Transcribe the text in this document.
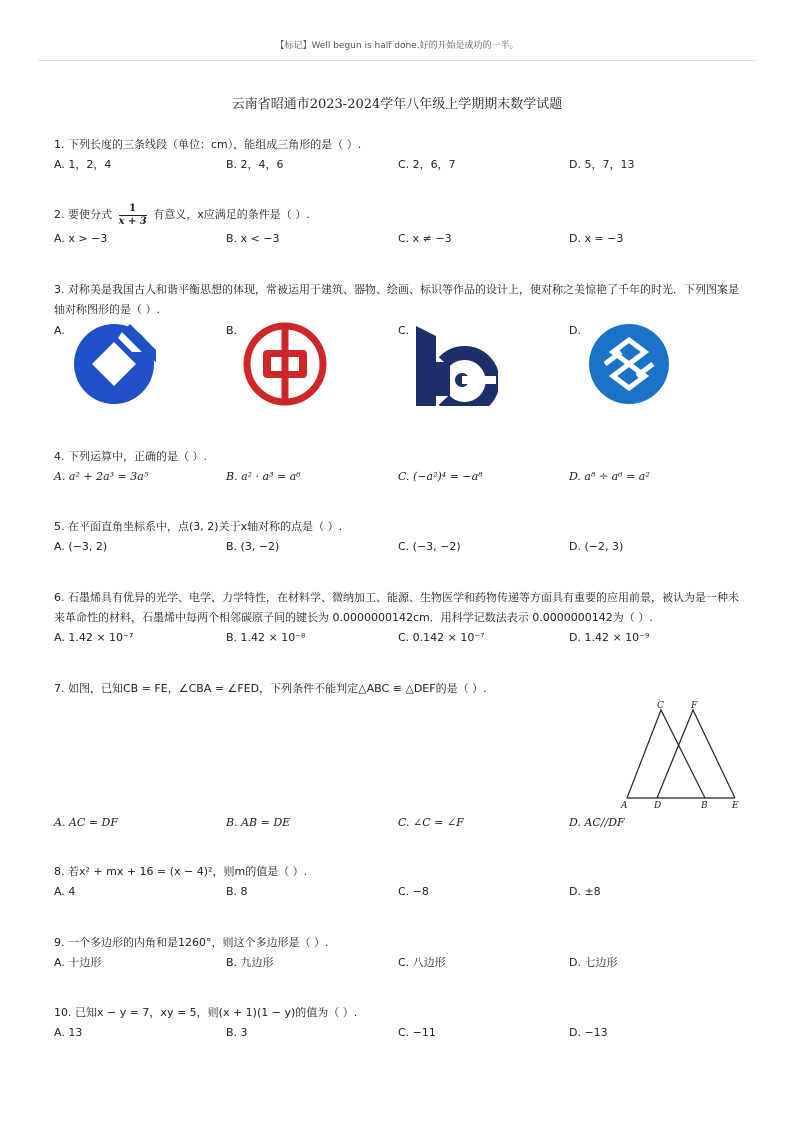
【标记】Well begun is half done.好的开始是成功的一半。
云南省昭通市2023-2024学年八年级上学期期末数学试题
1. 下列长度的三条线段（单位：cm），能组成三角形的是（ ）.
A. 1，2，4	B. 2，4，6	C. 2，6，7	D. 5，7，13
2. 要使分式 $\frac{1}{x + 3}$ 有意义，x应满足的条件是（ ）.
A. x > −3	B. x < −3	C. x ≠ −3	D. x = −3
3. 对称美是我国古人和谐平衡思想的体现，常被运用于建筑、器物、绘画、标识等作品的设计上，使对称之美惊艳了千年的时光．下列图案是轴对称图形的是（ ）.
A.	B.	C.	D.
4. 下列运算中，正确的是（ ）.
A. a² + 2a³ = 3a⁵	B. a² · a³ = a⁶	C. (−a²)⁴ = −a⁸	D. a⁸ ÷ a⁶ = a²
5. 在平面直角坐标系中，点(3, 2)关于x轴对称的点是（ ）.
A. (−3, 2)	B. (3, −2)	C. (−3, −2)	D. (−2, 3)
6. 石墨烯具有优异的光学、电学、力学特性，在材料学、微纳加工、能源、生物医学和药物传递等方面具有重要的应用前景，被认为是一种未来革命性的材料，石墨烯中每两个相邻碳原子间的键长为 0.0000000142cm．用科学记数法表示 0.0000000142为（ ）.
A. 1.42 × 10⁻⁷	B. 1.42 × 10⁻⁸	C. 0.142 × 10⁻⁷	D. 1.42 × 10⁻⁹
7. 如图，已知CB = FE，∠CBA = ∠FED，下列条件不能判定△ABC ≌ △DEF的是（ ）.
A	D	B	E
C	F
A. AC = DF	B. AB = DE	C. ∠C = ∠F	D. AC//DF
8. 若x² + mx + 16 = (x − 4)²，则m的值是（ ）.
A. 4	B. 8	C. −8	D. ±8
9. 一个多边形的内角和是1260°，则这个多边形是（ ）.
A. 十边形	B. 九边形	C. 八边形	D. 七边形
10. 已知x − y = 7，xy = 5，则(x + 1)(1 − y)的值为（ ）.
A. 13	B. 3	C. −11	D. −13
